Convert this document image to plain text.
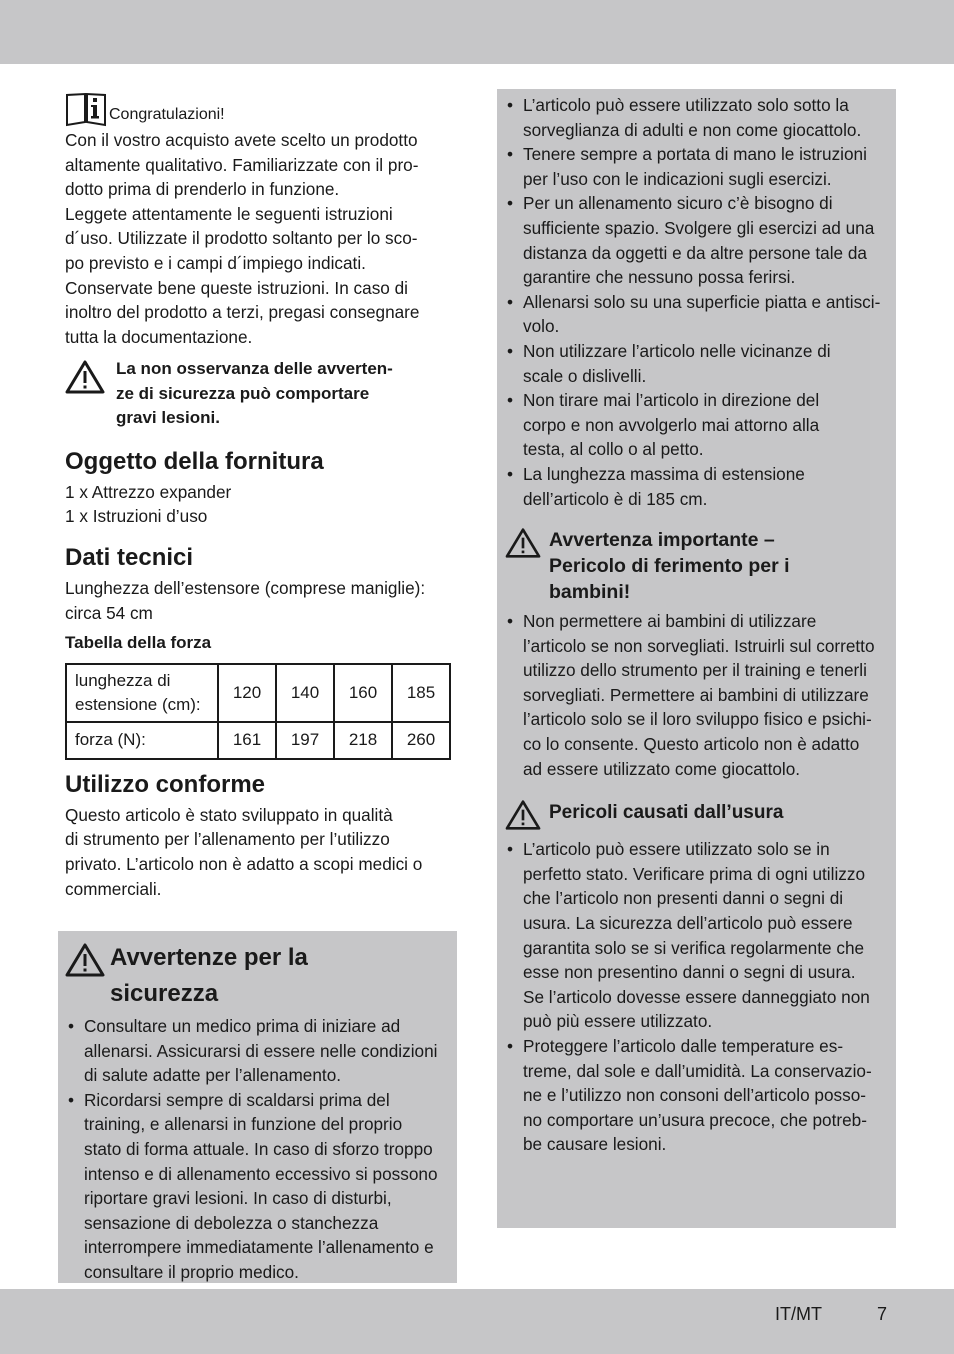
Congratulazioni!

Con il vostro acquisto avete scelto un prodotto
altamente qualitativo. Familiarizzate con il pro-
dotto prima di prenderlo in funzione.
Leggete attentamente le seguenti istruzioni
d´uso. Utilizzate il prodotto soltanto per lo sco-
po previsto e i campi d´impiego indicati.
Conservate bene queste istruzioni. In caso di
inoltro del prodotto a terzi, pregasi consegnare
tutta la documentazione.

La non osservanza delle avverten-
ze di sicurezza può comportare
gravi lesioni.

Oggetto della fornitura

1 x Attrezzo expander
1 x Istruzioni d’uso

Dati tecnici

Lunghezza dell’estensore (comprese maniglie):
circa 54 cm

Tabella della forza

lunghezza di
estensione (cm):	120	140	160	185
forza (N):	161	197	218	260
Utilizzo conforme

Questo articolo è stato sviluppato in qualità
di strumento per l’allenamento per l’utilizzo
privato. L’articolo non è adatto a scopi medici o
commerciali.

Avvertenze per la
sicurezza
• Consultare un medico prima di iniziare ad
allenarsi. Assicurarsi di essere nelle condizioni
di salute adatte per l’allenamento.
• Ricordarsi sempre di scaldarsi prima del
training, e allenarsi in funzione del proprio
stato di forma attuale. In caso di sforzo troppo
intenso e di allenamento eccessivo si possono
riportare gravi lesioni. In caso di disturbi,
sensazione di debolezza o stanchezza
interrompere immediatamente l’allenamento e
consultare il proprio medico.
• L’articolo può essere utilizzato solo sotto la
sorveglianza di adulti e non come giocattolo.
• Tenere sempre a portata di mano le istruzioni
per l’uso con le indicazioni sugli esercizi.
• Per un allenamento sicuro c’è bisogno di
sufficiente spazio. Svolgere gli esercizi ad una
distanza da oggetti e da altre persone tale da
garantire che nessuno possa ferirsi.
• Allenarsi solo su una superficie piatta e antisci-
volo.
• Non utilizzare l’articolo nelle vicinanze di
scale o dislivelli.
• Non tirare mai l’articolo in direzione del
corpo e non avvolgerlo mai attorno alla
testa, al collo o al petto.
• La lunghezza massima di estensione
dell’articolo è di 185 cm.
Avvertenza importante –
Pericolo di ferimento per i
bambini!
• Non permettere ai bambini di utilizzare
l’articolo se non sorvegliati. Istruirli sul corretto
utilizzo dello strumento per il training e tenerli
sorvegliati. Permettere ai bambini di utilizzare
l’articolo solo se il loro sviluppo fisico e psichi-
co lo consente. Questo articolo non è adatto
ad essere utilizzato come giocattolo.
Pericoli causati dall’usura
• L’articolo può essere utilizzato solo se in
perfetto stato. Verificare prima di ogni utilizzo
che l’articolo non presenti danni o segni di
usura. La sicurezza dell’articolo può essere
garantita solo se si verifica regolarmente che
esse non presentino danni o segni di usura.
Se l’articolo dovesse essere danneggiato non
può più essere utilizzato.
• Proteggere l’articolo dalle temperature es-
treme, dal sole e dall’umidità. La conservazio-
ne e l’utilizzo non consoni dell’articolo posso-
no comportare un’usura precoce, che potreb-
be causare lesioni.
IT/MT	7
